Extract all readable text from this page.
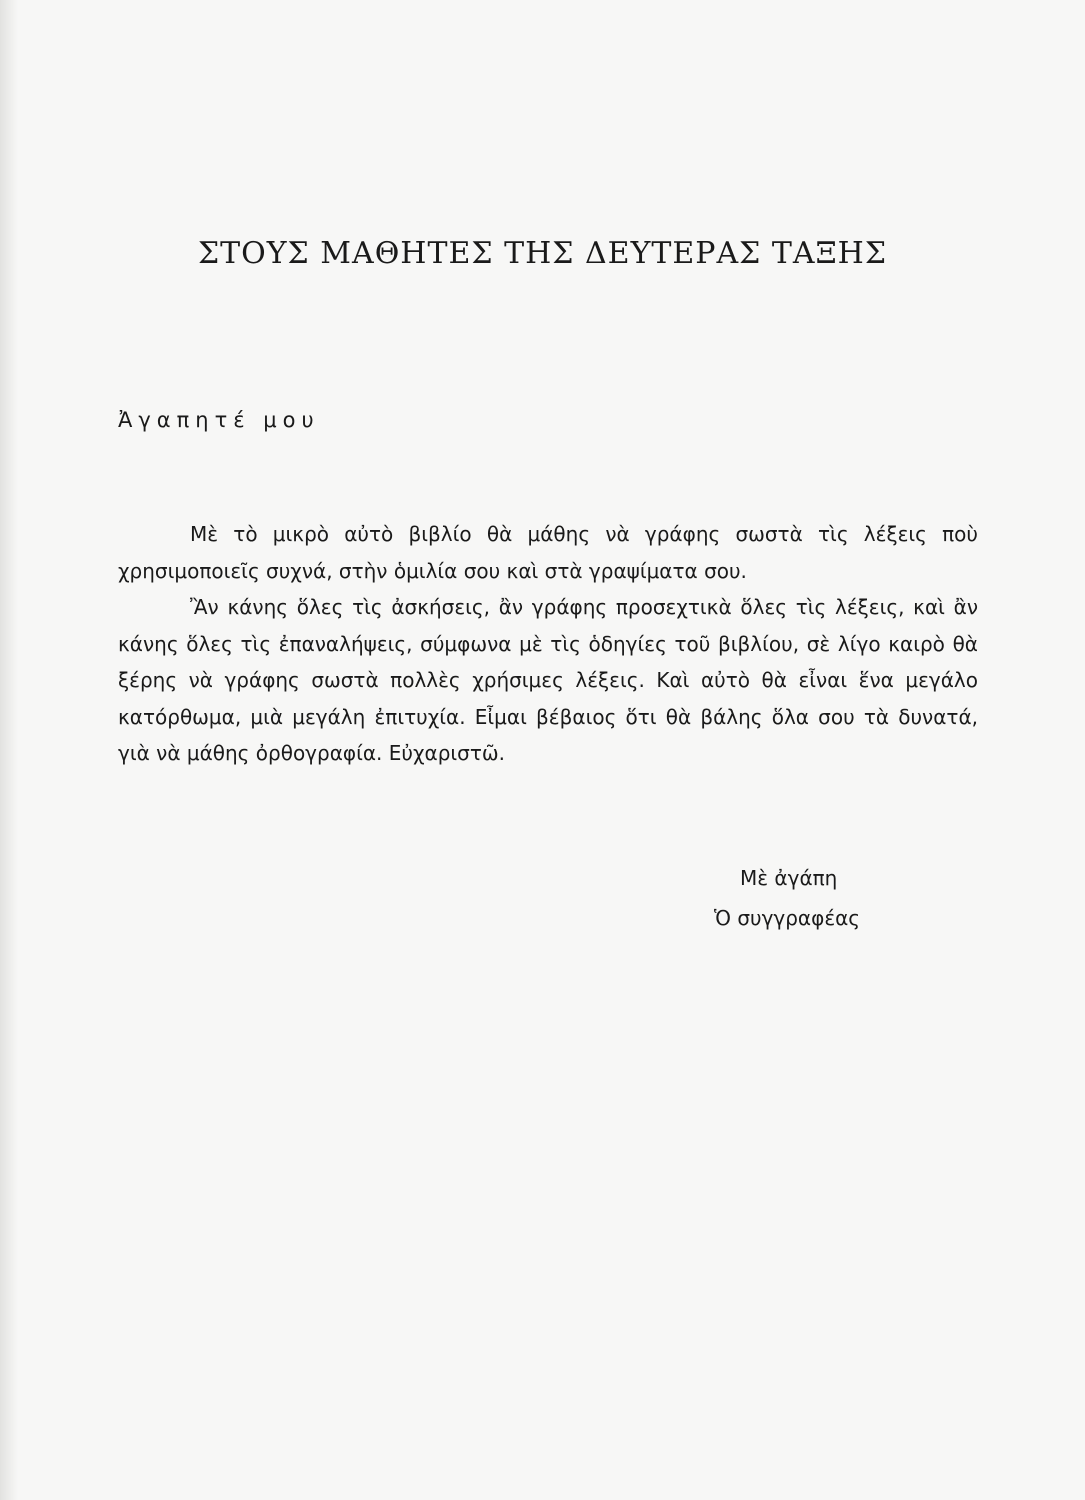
ΣΤΟΥΣ ΜΑΘΗΤΕΣ ΤΗΣ ΔΕΥΤΕΡΑΣ ΤΑΞΗΣ

Ἀγαπητέ μου

Μὲ τὸ μικρὸ αὐτὸ βιβλίο θὰ μάθης νὰ γράφης σωστὰ τὶς λέξεις ποὺ χρησιμοποιεῖς συχνά, στὴν ὁμιλία σου καὶ στὰ γραψίματα σου.

Ἂν κάνης ὅλες τὶς ἀσκήσεις, ἂν γράφης προσεχτικὰ ὅλες τὶς λέξεις, καὶ ἂν κάνης ὅλες τὶς ἐπαναλήψεις, σύμφωνα μὲ τὶς ὁδηγίες τοῦ βιβλίου, σὲ λίγο καιρὸ θὰ ξέρης νὰ γράφης σωστὰ πολλὲς χρήσιμες λέξεις. Καὶ αὐτὸ θὰ εἶναι ἕνα μεγάλο κατόρθωμα, μιὰ μεγάλη ἐπιτυχία. Εἶμαι βέβαιος ὅτι θὰ βάλης ὅλα σου τὰ δυνατά, γιὰ νὰ μάθης ὀρθογραφία. Εὐχαριστῶ.

Μὲ ἀγάπη
Ὁ συγγραφέας
